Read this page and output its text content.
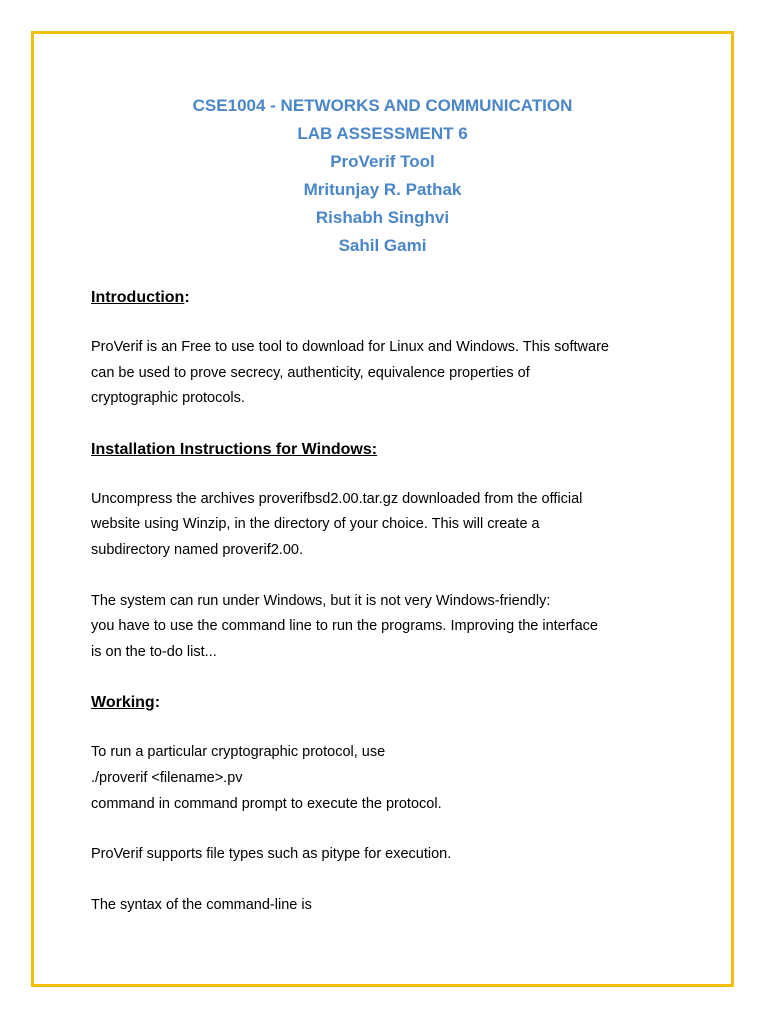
CSE1004 - NETWORKS AND COMMUNICATION
LAB ASSESSMENT 6
ProVerif Tool
Mritunjay R. Pathak
Rishabh Singhvi
Sahil Gami
Introduction:
ProVerif is an Free to use tool to download for Linux and Windows. This software
can be used to prove secrecy, authenticity, equivalence properties of
cryptographic protocols.
Installation Instructions for Windows:
Uncompress the archives proverifbsd2.00.tar.gz downloaded from the official
website using Winzip, in the directory of your choice. This will create a
subdirectory named proverif2.00.
The system can run under Windows, but it is not very Windows-friendly:
you have to use the command line to run the programs. Improving the interface
is on the to-do list...
Working:
To run a particular cryptographic protocol, use
./proverif <filename>.pv
command in command prompt to execute the protocol.
ProVerif supports file types such as pitype for execution.
The syntax of the command-line is
